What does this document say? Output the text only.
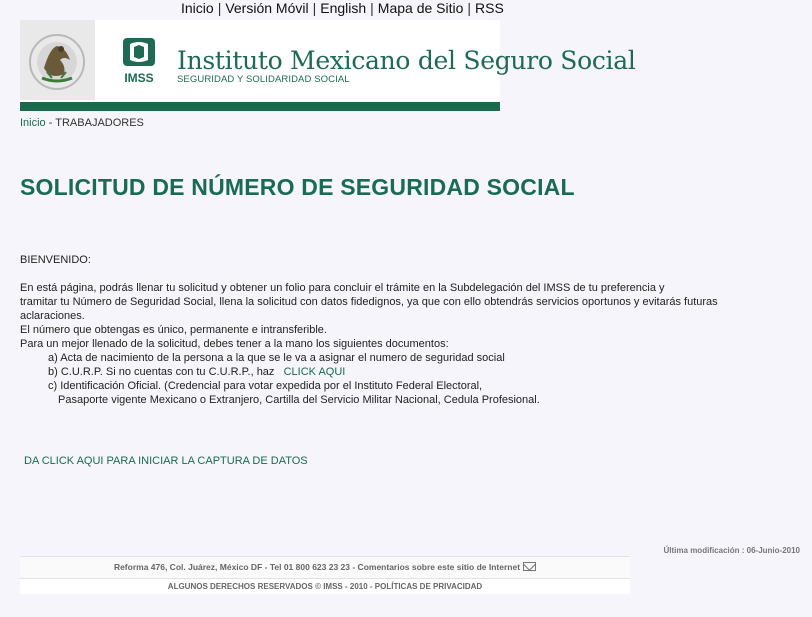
Inicio | Versión Móvil | English | Mapa de Sitio | RSS
IMSS
Instituto Mexicano del Seguro Social
SEGURIDAD Y SOLIDARIDAD SOCIAL
Inicio - TRABAJADORES
SOLICITUD DE NÚMERO DE SEGURIDAD SOCIAL

BIENVENIDO:

En está página, podrás llenar tu solicitud y obtener un folio para concluir el trámite en la Subdelegación del IMSS de tu preferencia y

tramitar tu Número de Seguridad Social, llena la solicitud con datos fidedignos, ya que con ello obtendrás servicios oportunos y evitarás futuras

aclaraciones.

El número que obtengas es único, permanente e intransferible.

Para un mejor llenado de la solicitud, debes tener a la mano los siguientes documentos:

a) Acta de nacimiento de la persona a la que se le va a asignar el numero de seguridad social

b) C.U.R.P. Si no cuentas con tu C.U.R.P., haz CLICK AQUI

c) Identificación Oficial. (Credencial para votar expedida por el Instituto Federal Electoral,

Pasaporte vigente Mexicano o Extranjero, Cartilla del Servicio Militar Nacional, Cedula Profesional.

DA CLICK AQUI PARA INICIAR LA CAPTURA DE DATOS
Última modificación : 06-Junio-2010
Reforma 476, Col. Juárez, México DF - Tel 01 800 623 23 23 - Comentarios sobre este sitio de Internet
ALGUNOS DERECHOS RESERVADOS © IMSS - 2010 - POLÍTICAS DE PRIVACIDAD
